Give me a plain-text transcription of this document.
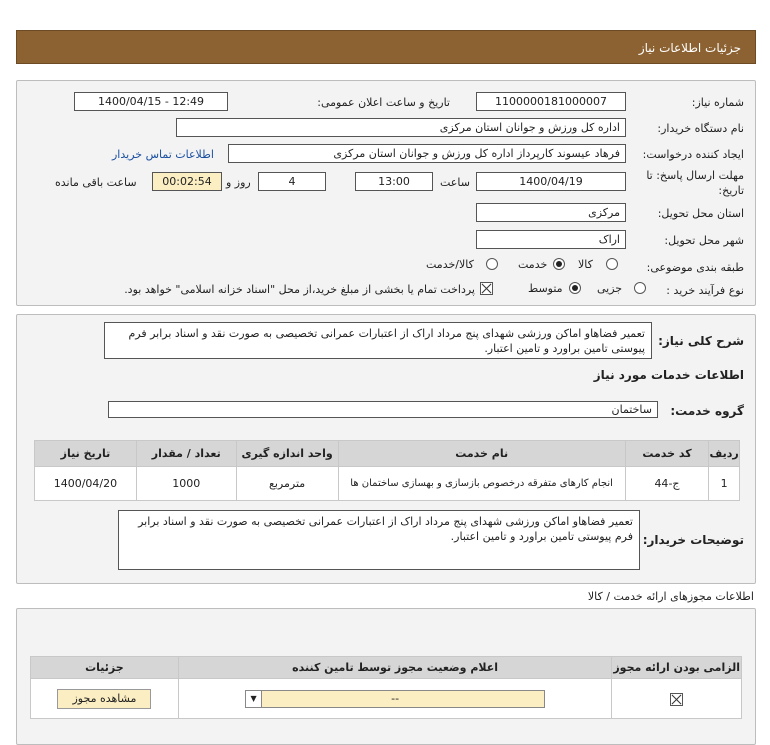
جزئیات اطلاعات نیاز
شماره نیاز:
1100000181000007
تاریخ و ساعت اعلان عمومی:
1400/04/15 - 12:49
نام دستگاه خریدار:
اداره کل ورزش و جوانان استان مرکزی
ایجاد کننده درخواست:
فرهاد عیسوند کارپرداز اداره کل ورزش و جوانان استان مرکزی
اطلاعات تماس خریدار
مهلت ارسال پاسخ: تا تاریخ:
1400/04/19
ساعت
13:00
4
روز و
00:02:54
ساعت باقی مانده
استان محل تحویل:
مرکزی
شهر محل تحویل:
اراک
طبقه بندی موضوعی:
کالا
خدمت
کالا/خدمت
نوع فرآیند خرید :
جزیی
متوسط
پرداخت تمام یا بخشی از مبلغ خرید،از محل "اسناد خزانه اسلامی" خواهد بود.
شرح کلی نیاز:
تعمیر فضاهاو اماکن ورزشی شهدای پنج مرداد اراک از اعتبارات عمرانی تخصیصی به صورت نقد و اسناد برابر فرم پیوستی تامین براورد و تامین اعتبار.
اطلاعات خدمات مورد نیاز
گروه خدمت:
ساختمان
ردیف	کد خدمت	نام خدمت	واحد اندازه گیری	تعداد / مقدار	تاریخ نیاز
1	ج-44	انجام کارهای متفرقه درخصوص بازسازی و بهسازی ساختمان ها	مترمربع	1000	1400/04/20
توضیحات خریدار:
تعمیر فضاهاو اماکن ورزشی شهدای پنج مرداد اراک از اعتبارات عمرانی تخصیصی به صورت نقد و اسناد برابر فرم پیوستی تامین براورد و تامین اعتبار.
اطلاعات مجوزهای ارائه خدمت / کالا
الزامی بودن ارائه مجوز	اعلام وضعیت مجوز توسط تامین کننده	جزئیات

	▼ --	مشاهده مجوز
